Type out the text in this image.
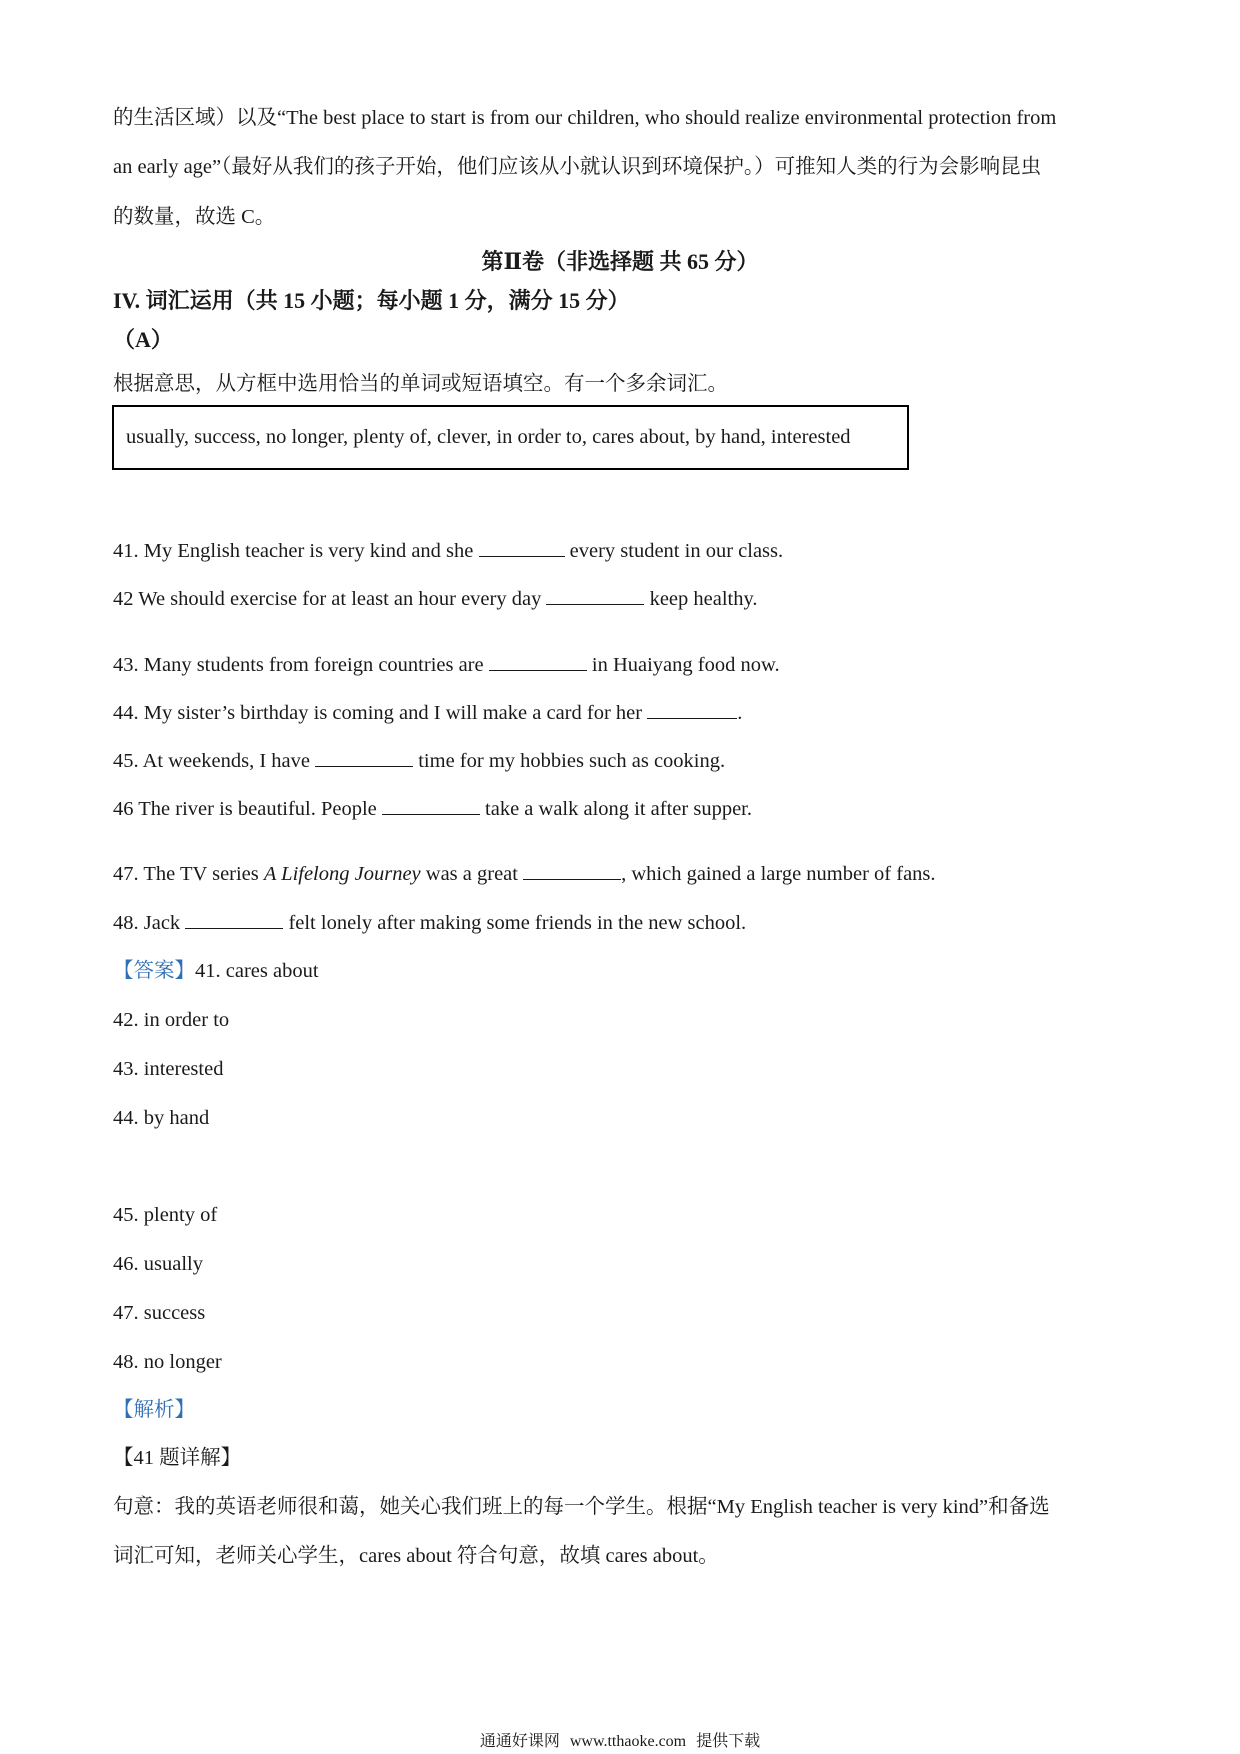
的生活区域）以及“The best place to start is from our children, who should realize environmental protection from
an early age”（最好从我们的孩子开始，他们应该从小就认识到环境保护。）可推知人类的行为会影响昆虫
的数量，故选 C。
第Ⅱ卷（非选择题 共 65 分）
IV. 词汇运用（共 15 小题；每小题 1 分，满分 15 分）
（A）
根据意思，从方框中选用恰当的单词或短语填空。有一个多余词汇。
usually, success, no longer, plenty of, clever, in order to, cares about, by hand, interested
41. My English teacher is very kind and she	every student in our class.
42 We should exercise for at least an hour every day	keep healthy.
43. Many students from foreign countries are	in Huaiyang food now.
44. My sister’s birthday is coming and I will make a card for her	.
45. At weekends, I have	time for my hobbies such as cooking.
46 The river is beautiful. People	take a walk along it after supper.
47. The TV series A Lifelong Journey was a great	, which gained a large number of fans.
48. Jack	felt lonely after making some friends in the new school.
【答案】41. cares about
42. in order to
43. interested
44. by hand
45. plenty of
46. usually
47. success
48. no longer
【解析】
【41 题详解】
句意：我的英语老师很和蔼，她关心我们班上的每一个学生。根据“My English teacher is very kind”和备选
词汇可知，老师关心学生，cares about 符合句意，故填 cares about。
通通好课网 www.tthaoke.com 提供下载
